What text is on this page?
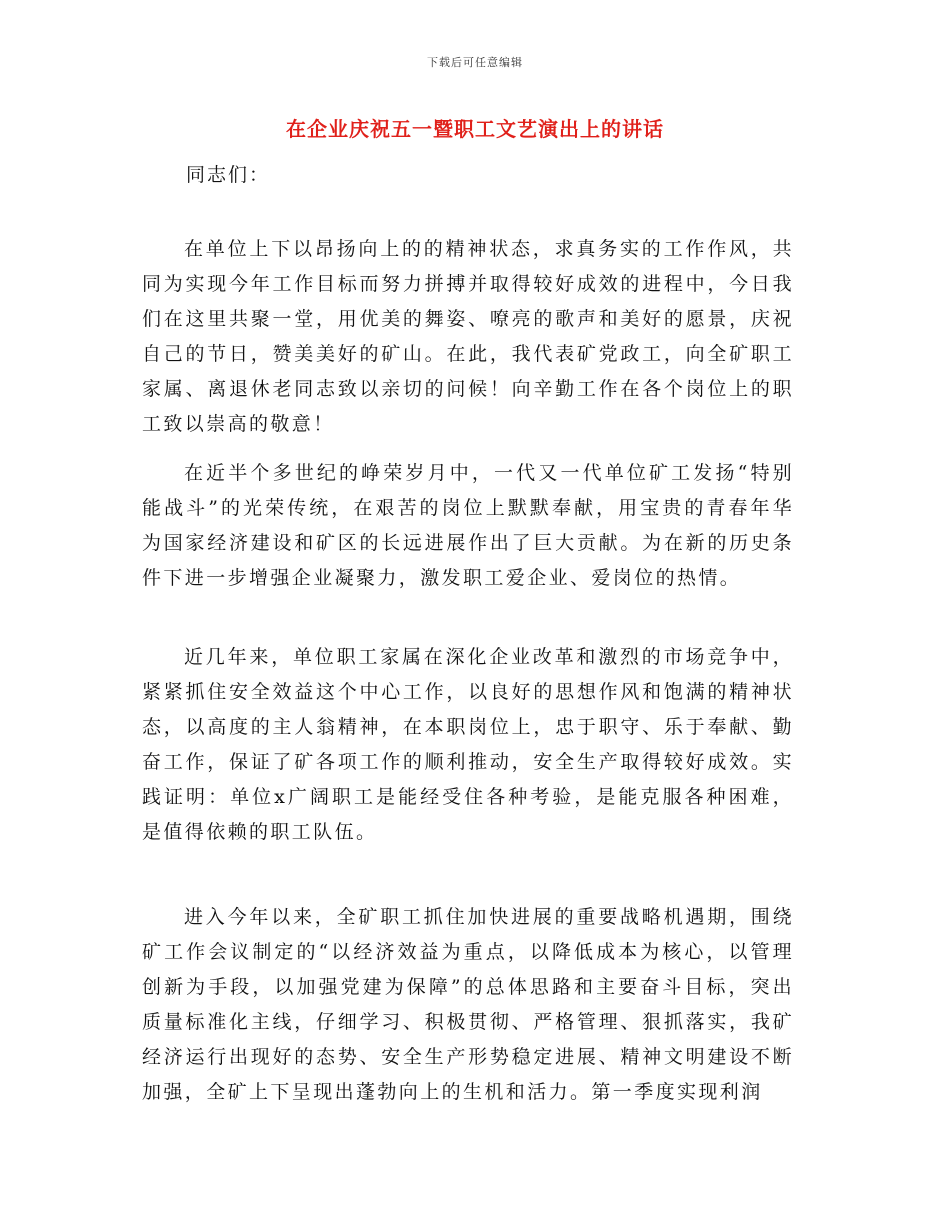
下载后可任意编辑
在企业庆祝五一暨职工文艺演出上的讲话
同志们：

在单位上下以昂扬向上的的精神状态，求真务实的工作作风，共同为实现今年工作目标而努力拼搏并取得较好成效的进程中，今日我们在这里共聚一堂，用优美的舞姿、嘹亮的歌声和美好的愿景，庆祝自己的节日，赞美美好的矿山。在此，我代表矿党政工，向全矿职工家属、离退休老同志致以亲切的问候！向辛勤工作在各个岗位上的职工致以崇高的敬意！

在近半个多世纪的峥荣岁月中，一代又一代单位矿工发扬“特别能战斗”的光荣传统，在艰苦的岗位上默默奉献，用宝贵的青春年华为国家经济建设和矿区的长远进展作出了巨大贡献。为在新的历史条件下进一步增强企业凝聚力，激发职工爱企业、爱岗位的热情。

近几年来，单位职工家属在深化企业改革和激烈的市场竞争中，紧紧抓住安全效益这个中心工作，以良好的思想作风和饱满的精神状态，以高度的主人翁精神，在本职岗位上，忠于职守、乐于奉献、勤奋工作，保证了矿各项工作的顺利推动，安全生产取得较好成效。实践证明：单位x广阔职工是能经受住各种考验，是能克服各种困难，是值得依赖的职工队伍。

进入今年以来，全矿职工抓住加快进展的重要战略机遇期，围绕矿工作会议制定的“以经济效益为重点，以降低成本为核心，以管理创新为手段，以加强党建为保障”的总体思路和主要奋斗目标，突出质量标准化主线，仔细学习、积极贯彻、严格管理、狠抓落实，我矿经济运行出现好的态势、安全生产形势稳定进展、精神文明建设不断加强，全矿上下呈现出蓬勃向上的生机和活力。第一季度实现利润
